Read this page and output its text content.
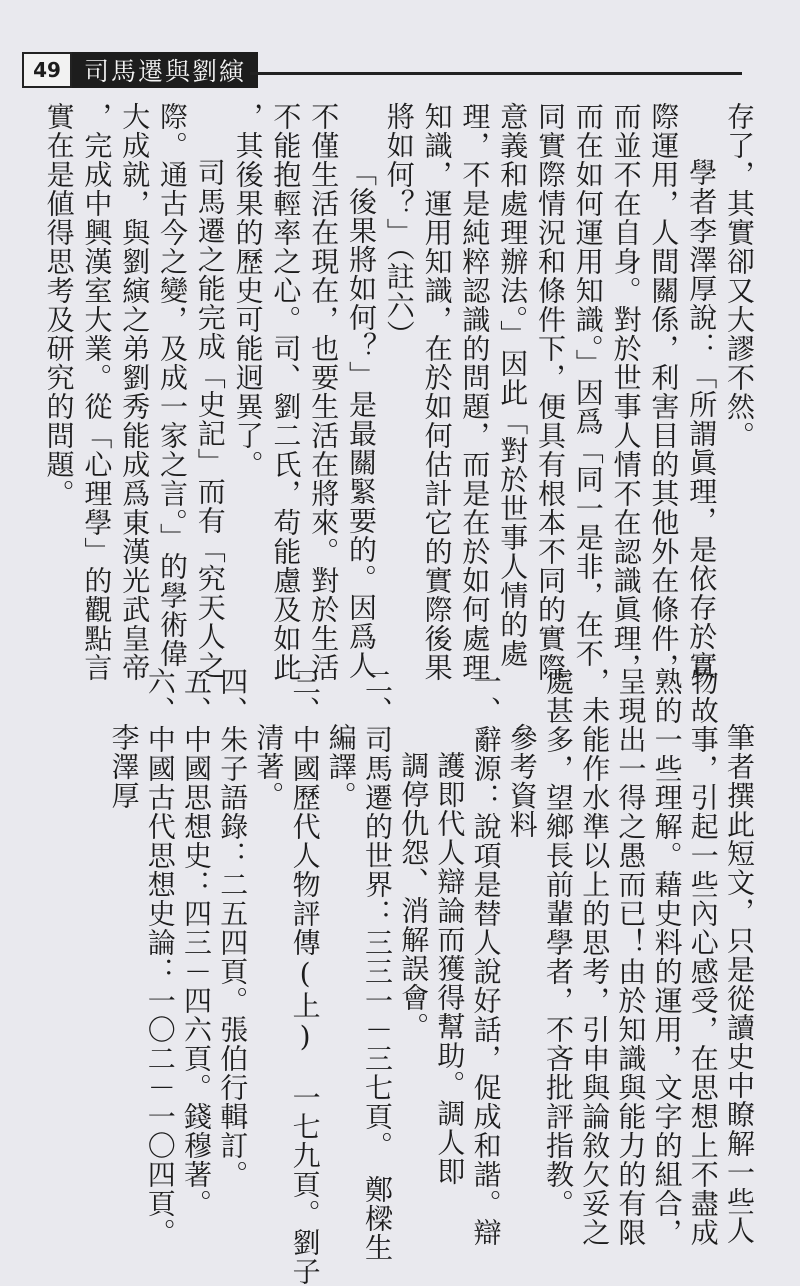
49 司馬遷與劉縯
存了，其實卻又大謬不然。
學者李澤厚說：「所謂眞理，是依存於實
際運用，人間關係，利害目的其他外在條件，
而並不在自身。對於世事人情不在認識眞理，
而在如何運用知識。」因爲「同一是非，在不
同實際情況和條件下，便具有根本不同的實際
意義和處理辦法。」因此「對於世事人情的處
理，不是純粹認識的問題，而是在於如何處理
知識，運用知識，在於如何估計它的實際後果
將如何？」（註六）
「後果將如何？」是最關緊要的。因爲人
不僅生活在現在，也要生活在將來。對於生活
不能抱輕率之心。司、劉二氏，苟能慮及如此
，其後果的歷史可能迥異了。
司馬遷之能完成「史記」而有「究天人之
際。通古今之變，及成一家之言。」的學術偉
大成就，與劉縯之弟劉秀能成爲東漢光武皇帝
，完成中興漢室大業。從「心理學」的觀點言
實在是値得思考及研究的問題。
筆者撰此短文，只是從讀史中瞭解一些人
物故事，引起一些內心感受，在思想上不盡成
熟的一些理解。藉史料的運用，文字的組合，
呈現出一得之愚而已！由於知識與能力的有限
，未能作水準以上的思考，引申與論敘欠妥之
處甚多，望鄉長前輩學者，不吝批評指教。
參考資料
一、辭源：說項是替人說好話，促成和諧。辯
護即代人辯論而獲得幫助。調人即
調停仇怨、消解誤會。
二、司馬遷的世界：三三一－三七頁。　鄭樑生
編譯。
三、中國歷代人物評傳(上)　一七九頁。劉子
清著。
四、朱子語錄：二五四頁。張伯行輯訂。
五、中國思想史：四三－四六頁。錢穆著。
六、中國古代思想史論：一〇二－一〇四頁。
李澤厚
